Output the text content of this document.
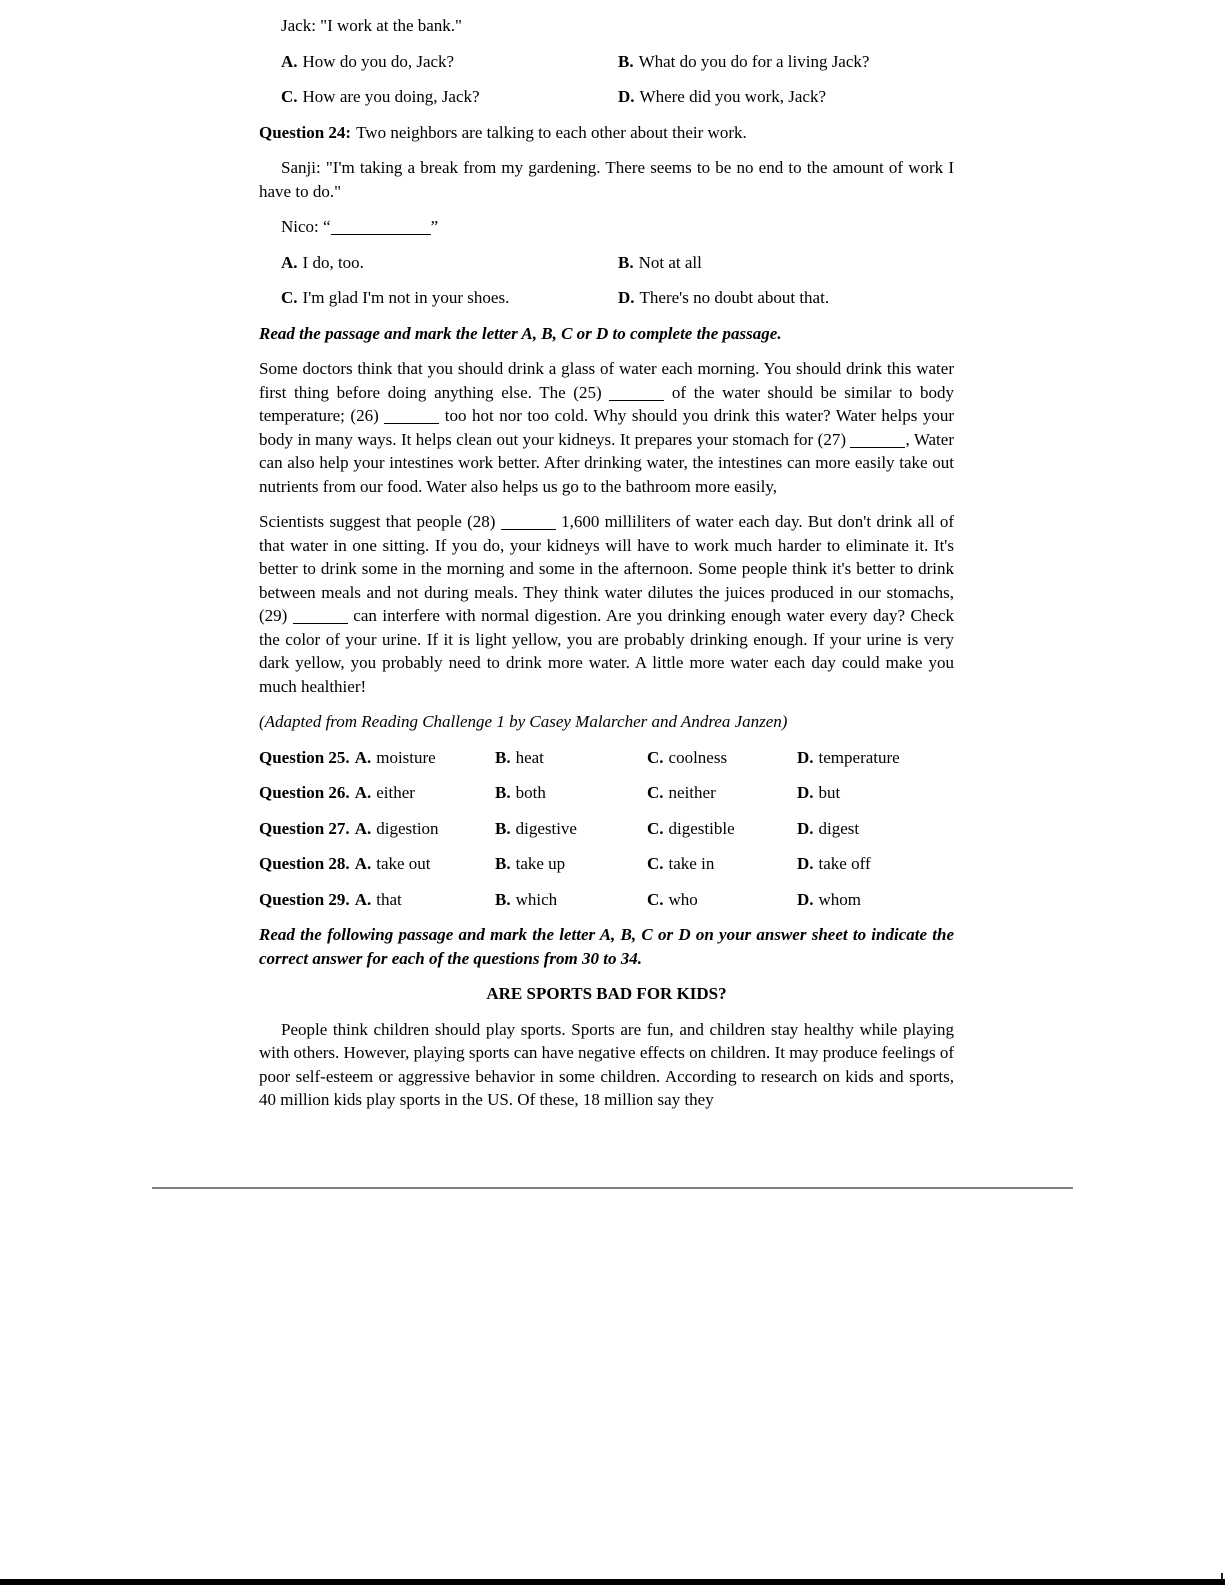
Jack: "I work at the bank."

A. How do you do, Jack?	B. What do you do for a living Jack?
C. How are you doing, Jack?	D. Where did you work, Jack?

Question 24: Two neighbors are talking to each other about their work.

Sanji: "I'm taking a break from my gardening. There seems to be no end to the amount of work I have to do."

Nico: “	”

A. I do, too.	B. Not at all
C. I'm glad I'm not in your shoes.	D. There's no doubt about that.

Read the passage and mark the letter A, B, C or D to complete the passage.

Some doctors think that you should drink a glass of water each morning. You should drink this water first thing before doing anything else. The (25)	of the water should be similar to body temperature; (26)	too hot nor too cold. Why should you drink this water? Water helps your body in many ways. It helps clean out your kidneys. It prepares your stomach for (27)	, Water can also help your intestines work better. After drinking water, the intestines can more easily take out nutrients from our food. Water also helps us go to the bathroom more easily,

Scientists suggest that people (28)	1,600 milliliters of water each day. But don't drink all of that water in one sitting. If you do, your kidneys will have to work much harder to eliminate it. It's better to drink some in the morning and some in the afternoon. Some people think it's better to drink between meals and not during meals. They think water dilutes the juices produced in our stomachs, (29)	can interfere with normal digestion. Are you drinking enough water every day? Check the color of your urine. If it is light yellow, you are probably drinking enough. If your urine is very dark yellow, you probably need to drink more water. A little more water each day could make you much healthier!

(Adapted from Reading Challenge 1 by Casey Malarcher and Andrea Janzen)

Question 25. A. moisture	B. heat	C. coolness	D. temperature
Question 26. A. either	B. both	C. neither	D. but
Question 27. A. digestion	B. digestive	C. digestible	D. digest
Question 28. A. take out	B. take up	C. take in	D. take off
Question 29. A. that	B. which	C. who	D. whom

Read the following passage and mark the letter A, B, C or D on your answer sheet to indicate the correct answer for each of the questions from 30 to 34.

ARE SPORTS BAD FOR KIDS?

People think children should play sports. Sports are fun, and children stay healthy while playing with others. However, playing sports can have negative effects on children. It may produce feelings of poor self-esteem or aggressive behavior in some children. According to research on kids and sports, 40 million kids play sports in the US. Of these, 18 million say they
